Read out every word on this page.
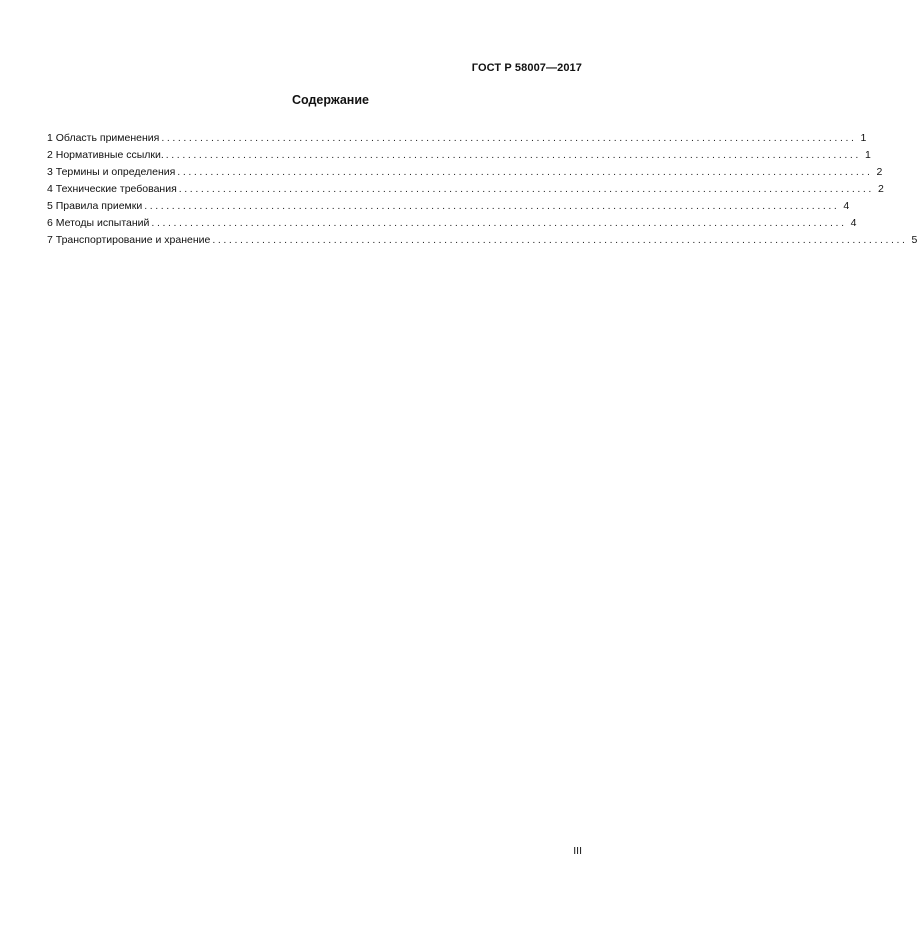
ГОСТ Р 58007—2017
Содержание
1 Область применения .............................................................................................................................. 1
2 Нормативные ссылки. .............................................................................................................................. 1
3 Термины и определения .............................................................................................................................. 2
4 Технические требования .............................................................................................................................. 2
5 Правила приемки .............................................................................................................................. 4
6 Методы испытаний .............................................................................................................................. 4
7 Транспортирование и хранение .............................................................................................................................. 5
III
